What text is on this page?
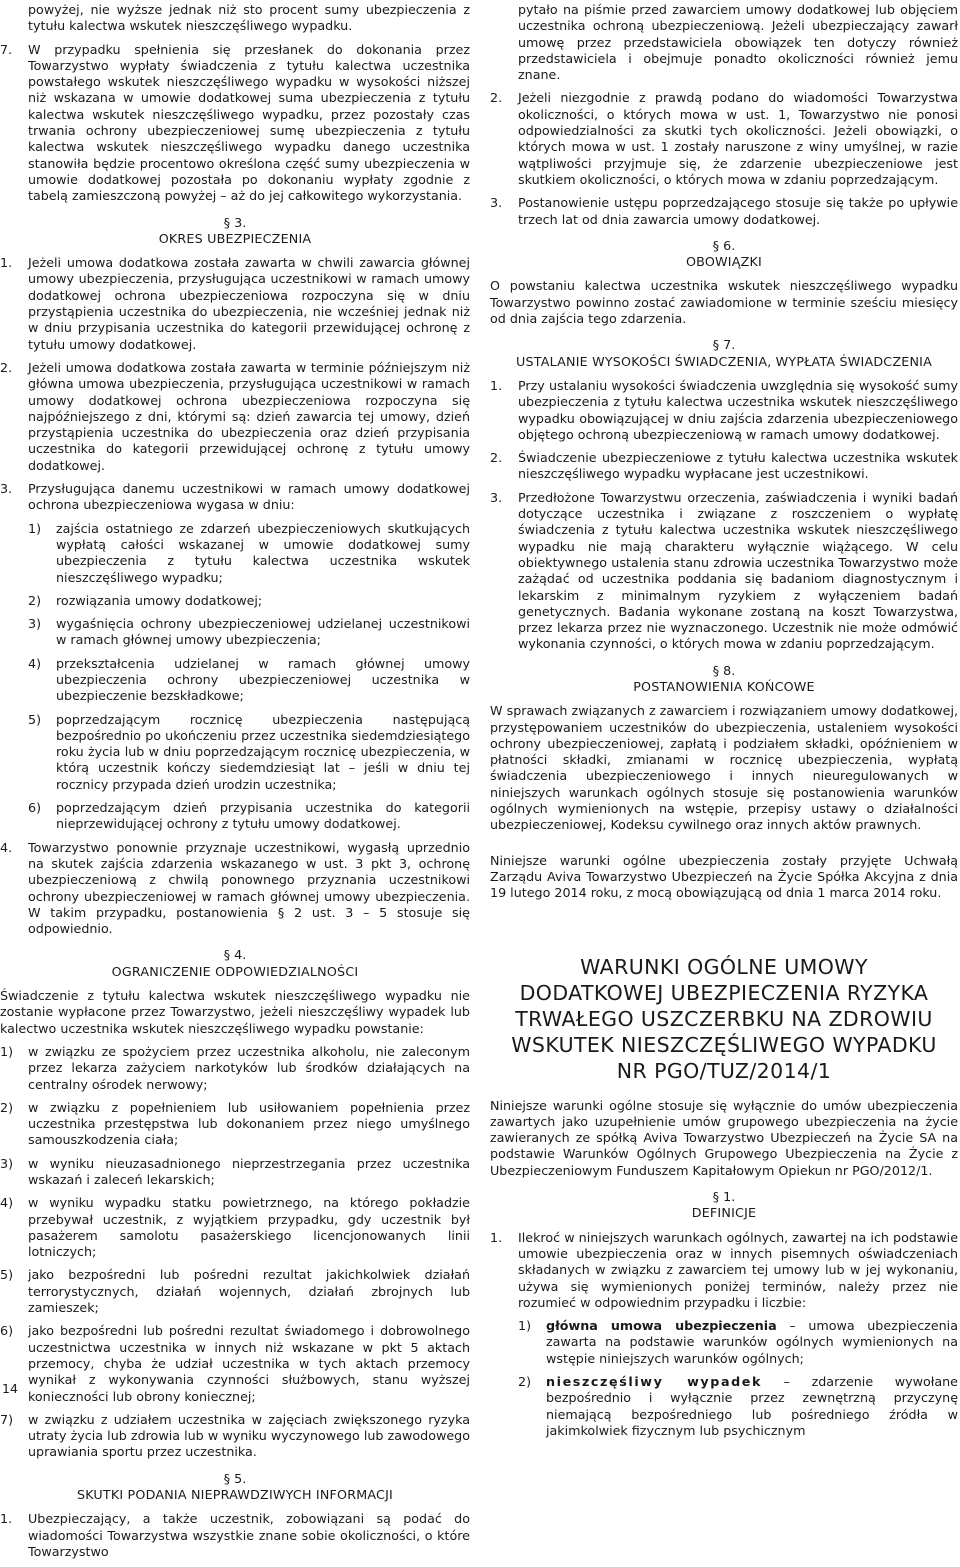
powyżej, nie wyższe jednak niż sto procent sumy ubezpieczenia z tytułu kalectwa wskutek nieszczęśliwego wypadku.

7.	W przypadku spełnienia się przesłanek do dokonania przez Towarzystwo wypłaty świadczenia z tytułu kalectwa uczestnika powstałego wskutek nieszczęśliwego wypadku w wysokości niższej niż wskazana w umowie dodatkowej suma ubezpieczenia z tytułu kalectwa wskutek nieszczęśliwego wypadku, przez pozostały czas trwania ochrony ubezpieczeniowej sumę ubezpieczenia z tytułu kalectwa wskutek nieszczęśliwego wypadku danego uczestnika stanowiła będzie procentowo określona część sumy ubezpieczenia w umowie dodatkowej pozostała po dokonaniu wypłaty zgodnie z tabelą zamieszczoną powyżej – aż do jej całkowitego wykorzystania.

§ 3.

OKRES UBEZPIECZENIA

1.	Jeżeli umowa dodatkowa została zawarta w chwili zawarcia głównej umowy ubezpieczenia, przysługująca uczestnikowi w ramach umowy dodatkowej ochrona ubezpieczeniowa rozpoczyna się w dniu przystąpienia uczestnika do ubezpieczenia, nie wcześniej jednak niż w dniu przypisania uczestnika do kategorii przewidującej ochronę z tytułu umowy dodatkowej.
2.	Jeżeli umowa dodatkowa została zawarta w terminie późniejszym niż główna umowa ubezpieczenia, przysługująca uczestnikowi w ramach umowy dodatkowej ochrona ubezpieczeniowa rozpoczyna się najpóźniejszego z dni, którymi są: dzień zawarcia tej umowy, dzień przystąpienia uczestnika do ubezpieczenia oraz dzień przypisania uczestnika do kategorii przewidującej ochronę z tytułu umowy dodatkowej.
3.	Przysługująca danemu uczestnikowi w ramach umowy dodatkowej ochrona ubezpieczeniowa wygasa w dniu:
1)	zajścia ostatniego ze zdarzeń ubezpieczeniowych skutkujących wypłatą całości wskazanej w umowie dodatkowej sumy ubezpieczenia z tytułu kalectwa uczestnika wskutek nieszczęśliwego wypadku;
2)	rozwiązania umowy dodatkowej;
3)	wygaśnięcia ochrony ubezpieczeniowej udzielanej uczestnikowi w ramach głównej umowy ubezpieczenia;
4)	przekształcenia udzielanej w ramach głównej umowy ubezpieczenia ochrony ubezpieczeniowej uczestnika w ubezpieczenie bezskładkowe;
5)	poprzedzającym rocznicę ubezpieczenia następującą bezpośrednio po ukończeniu przez uczestnika siedemdziesiątego roku życia lub w dniu poprzedzającym rocznicę ubezpieczenia, w którą uczestnik kończy siedemdziesiąt lat – jeśli w dniu tej rocznicy przypada dzień urodzin uczestnika;
6)	poprzedzającym dzień przypisania uczestnika do kategorii nieprzewidującej ochrony z tytułu umowy dodatkowej.
4.	Towarzystwo ponownie przyznaje uczestnikowi, wygasłą uprzednio na skutek zajścia zdarzenia wskazanego w ust. 3 pkt 3, ochronę ubezpieczeniową z chwilą ponownego przyznania uczestnikowi ochrony ubezpieczeniowej w ramach głównej umowy ubezpieczenia. W takim przypadku, postanowienia § 2 ust. 3 – 5 stosuje się odpowiednio.

§ 4.

OGRANICZENIE ODPOWIEDZIALNOŚCI

Świadczenie z tytułu kalectwa wskutek nieszczęśliwego wypadku nie zostanie wypłacone przez Towarzystwo, jeżeli nieszczęśliwy wypadek lub kalectwo uczestnika wskutek nieszczęśliwego wypadku powstanie:

1)	w związku ze spożyciem przez uczestnika alkoholu, nie zaleconym przez lekarza zażyciem narkotyków lub środków działających na centralny ośrodek nerwowy;
2)	w związku z popełnieniem lub usiłowaniem popełnienia przez uczestnika przestępstwa lub dokonaniem przez niego umyślnego samouszkodzenia ciała;
3)	w wyniku nieuzasadnionego nieprzestrzegania przez uczestnika wskazań i zaleceń lekarskich;
4)	w wyniku wypadku statku powietrznego, na którego pokładzie przebywał uczestnik, z wyjątkiem przypadku, gdy uczestnik był pasażerem samolotu pasażerskiego licencjonowanych linii lotniczych;
5)	jako bezpośredni lub pośredni rezultat jakichkolwiek działań terrorystycznych, działań wojennych, działań zbrojnych lub zamieszek;
6)	jako bezpośredni lub pośredni rezultat świadomego i dobrowolnego uczestnictwa uczestnika w innych niż wskazane w pkt 5 aktach przemocy, chyba że udział uczestnika w tych aktach przemocy wynikał z wykonywania czynności służbowych, stanu wyższej konieczności lub obrony koniecznej;
7)	w związku z udziałem uczestnika w zajęciach zwiększonego ryzyka utraty życia lub zdrowia lub w wyniku wyczynowego lub zawodowego uprawiania sportu przez uczestnika.

§ 5.

SKUTKI PODANIA NIEPRAWDZIWYCH INFORMACJI

1.	Ubezpieczający, a także uczestnik, zobowiązani są podać do wiadomości Towarzystwa wszystkie znane sobie okoliczności, o które Towarzystwo

pytało na piśmie przed zawarciem umowy dodatkowej lub objęciem uczestnika ochroną ubezpieczeniową. Jeżeli ubezpieczający zawarł umowę przez przedstawiciela obowiązek ten dotyczy również przedstawiciela i obejmuje ponadto okoliczności również jemu znane.

2.	Jeżeli niezgodnie z prawdą podano do wiadomości Towarzystwa okoliczności, o których mowa w ust. 1, Towarzystwo nie ponosi odpowiedzialności za skutki tych okoliczności. Jeżeli obowiązki, o których mowa w ust. 1 zostały naruszone z winy umyślnej, w razie wątpliwości przyjmuje się, że zdarzenie ubezpieczeniowe jest skutkiem okoliczności, o których mowa w zdaniu poprzedzającym.
3.	Postanowienie ustępu poprzedzającego stosuje się także po upływie trzech lat od dnia zawarcia umowy dodatkowej.

§ 6.

OBOWIĄZKI

O powstaniu kalectwa uczestnika wskutek nieszczęśliwego wypadku Towarzystwo powinno zostać zawiadomione w terminie sześciu miesięcy od dnia zajścia tego zdarzenia.

§ 7.

USTALANIE WYSOKOŚCI ŚWIADCZENIA, WYPŁATA ŚWIADCZENIA

1.	Przy ustalaniu wysokości świadczenia uwzględnia się wysokość sumy ubezpieczenia z tytułu kalectwa uczestnika wskutek nieszczęśliwego wypadku obowiązującej w dniu zajścia zdarzenia ubezpieczeniowego objętego ochroną ubezpieczeniową w ramach umowy dodatkowej.
2.	Świadczenie ubezpieczeniowe z tytułu kalectwa uczestnika wskutek nieszczęśliwego wypadku wypłacane jest uczestnikowi.
3.	Przedłożone Towarzystwu orzeczenia, zaświadczenia i wyniki badań dotyczące uczestnika i związane z roszczeniem o wypłatę świadczenia z tytułu kalectwa uczestnika wskutek nieszczęśliwego wypadku nie mają charakteru wyłącznie wiążącego. W celu obiektywnego ustalenia stanu zdrowia uczestnika Towarzystwo może zażądać od uczestnika poddania się badaniom diagnostycznym i lekarskim z minimalnym ryzykiem z wyłączeniem badań genetycznych. Badania wykonane zostaną na koszt Towarzystwa, przez lekarza przez nie wyznaczonego. Uczestnik nie może odmówić wykonania czynności, o których mowa w zdaniu poprzedzającym.

§ 8.

POSTANOWIENIA KOŃCOWE

W sprawach związanych z zawarciem i rozwiązaniem umowy dodatkowej, przystępowaniem uczestników do ubezpieczenia, ustaleniem wysokości ochrony ubezpieczeniowej, zapłatą i podziałem składki, opóźnieniem w płatności składki, zmianami w rocznicę ubezpieczenia, wypłatą świadczenia ubezpieczeniowego i innych nieuregulowanych w niniejszych warunkach ogólnych stosuje się postanowienia warunków ogólnych wymienionych na wstępie, przepisy ustawy o działalności ubezpieczeniowej, Kodeksu cywilnego oraz innych aktów prawnych.

Niniejsze warunki ogólne ubezpieczenia zostały przyjęte Uchwałą Zarządu Aviva Towarzystwo Ubezpieczeń na Życie Spółka Akcyjna z dnia 19 lutego 2014 roku, z mocą obowiązującą od dnia 1 marca 2014 roku.

WARUNKI OGÓLNE UMOWY
DODATKOWEJ UBEZPIECZENIA RYZYKA
TRWAŁEGO USZCZERBKU NA ZDROWIU
WSKUTEK NIESZCZĘŚLIWEGO WYPADKU
NR PGO/TUZ/2014/1

Niniejsze warunki ogólne stosuje się wyłącznie do umów ubezpieczenia zawartych jako uzupełnienie umów grupowego ubezpieczenia na życie zawieranych ze spółką Aviva Towarzystwo Ubezpieczeń na Życie SA na podstawie Warunków Ogólnych Grupowego Ubezpieczenia na Życie z Ubezpieczeniowym Funduszem Kapitałowym Opiekun nr PGO/2012/1.

§ 1.

DEFINICJE

1.	Ilekroć w niniejszych warunkach ogólnych, zawartej na ich podstawie umowie ubezpieczenia oraz w innych pisemnych oświadczeniach składanych w związku z zawarciem tej umowy lub w jej wykonaniu, używa się wymienionych poniżej terminów, należy przez nie rozumieć w odpowiednim przypadku i liczbie:
1)	główna umowa ubezpieczenia – umowa ubezpieczenia zawarta na podstawie warunków ogólnych wymienionych na wstępie niniejszych warunków ogólnych;
2)	nieszczęśliwy wypadek – zdarzenie wywołane bezpośrednio i wyłącznie przez zewnętrzną przyczynę niemającą bezpośredniego lub pośredniego źródła w jakimkolwiek fizycznym lub psychicznym
14
